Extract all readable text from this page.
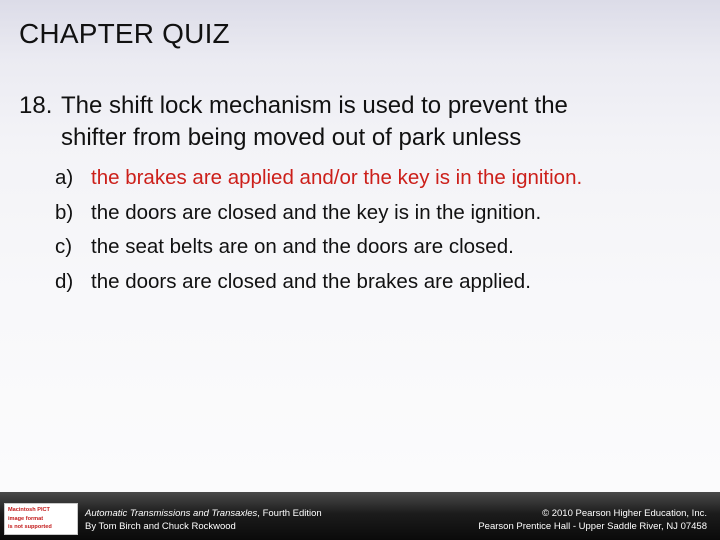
CHAPTER QUIZ
18. The shift lock mechanism is used to prevent the
shifter from being moved out of park unless
a) the brakes are applied and/or the key is in the ignition.
b) the doors are closed and the key is in the ignition.
c) the seat belts are on and the doors are closed.
d) the doors are closed and the brakes are applied.
Macintosh PICT
image format
is not supported
Automatic Transmissions and Transaxles, Fourth Edition
By Tom Birch and Chuck Rockwood
© 2010 Pearson Higher Education, Inc.
Pearson Prentice Hall - Upper Saddle River, NJ 07458
